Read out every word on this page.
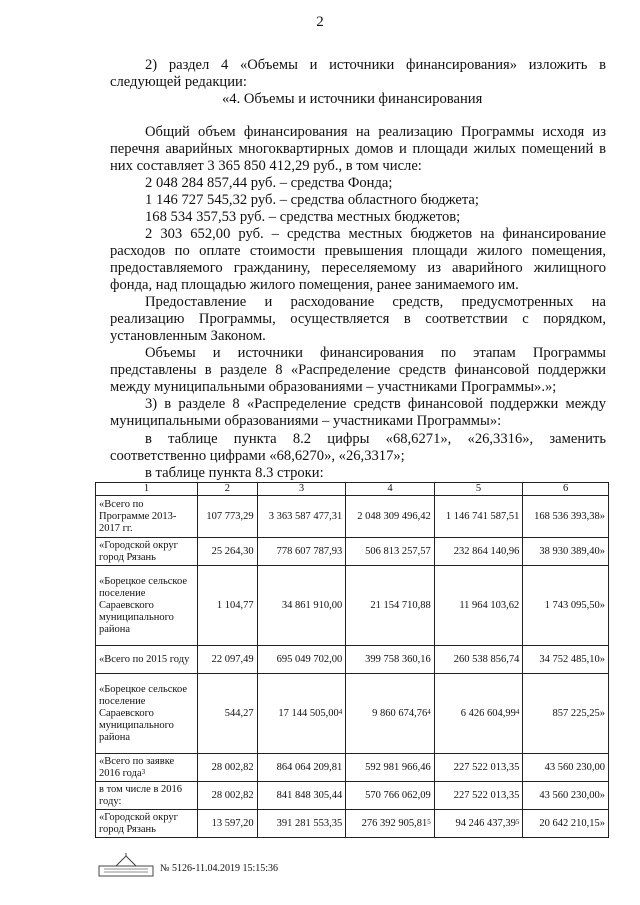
2
2) раздел 4 «Объемы и источники финансирования» изложить в
следующей редакции:
«4. Объемы и источники финансирования
Общий объем финансирования на реализацию Программы исходя из
перечня аварийных многоквартирных домов и площади жилых помещений в
них составляет 3 365 850 412,29 руб., в том числе:
2 048 284 857,44 руб. – средства Фонда;
1 146 727 545,32 руб. – средства областного бюджета;
168 534 357,53 руб. – средства местных бюджетов;
2 303 652,00 руб. – средства местных бюджетов на финансирование
расходов по оплате стоимости превышения площади жилого помещения,
предоставляемого гражданину, переселяемому из аварийного жилищного
фонда, над площадью жилого помещения, ранее занимаемого им.
Предоставление и расходование средств, предусмотренных на
реализацию Программы, осуществляется в соответствии с порядком,
установленным Законом.
Объемы и источники финансирования по этапам Программы
представлены в разделе 8 «Распределение средств финансовой поддержки
между муниципальными образованиями – участниками Программы».»;
3) в разделе 8 «Распределение средств финансовой поддержки между
муниципальными образованиями – участниками Программы»:
в таблице пункта 8.2 цифры «68,6271», «26,3316», заменить
соответственно цифрами «68,6270», «26,3317»;
в таблице пункта 8.3 строки:
1	2	3	4	5	6
«Всего по Программе 2013-2017 гг.	107 773,29	3 363 587 477,31	2 048 309 496,42	1 146 741 587,51	168 536 393,38»
«Городской округ город Рязань	25 264,30	778 607 787,93	506 813 257,57	232 864 140,96	38 930 389,40»
«Борецкое сельское поселение Сараевского муниципального района	1 104,77	34 861 910,00	21 154 710,88	11 964 103,62	1 743 095,50»
«Всего по 2015 году	22 097,49	695 049 702,00	399 758 360,16	260 538 856,74	34 752 485,10»
«Борецкое сельское поселение Сараевского муниципального района	544,27	17 144 505,00$^4$	9 860 674,76$^4$	6 426 604,99$^4$	857 225,25»
«Всего по заявке 2016 года$^3$	28 002,82	864 064 209,81	592 981 966,46	227 522 013,35	43 560 230,00
в том числе в 2016 году:	28 002,82	841 848 305,44	570 766 062,09	227 522 013,35	43 560 230,00»
«Городской округ город Рязань	13 597,20	391 281 553,35	276 392 905,81$^5$	94 246 437,39$^5$	20 642 210,15»
№ 5126-11.04.2019 15:15:36
